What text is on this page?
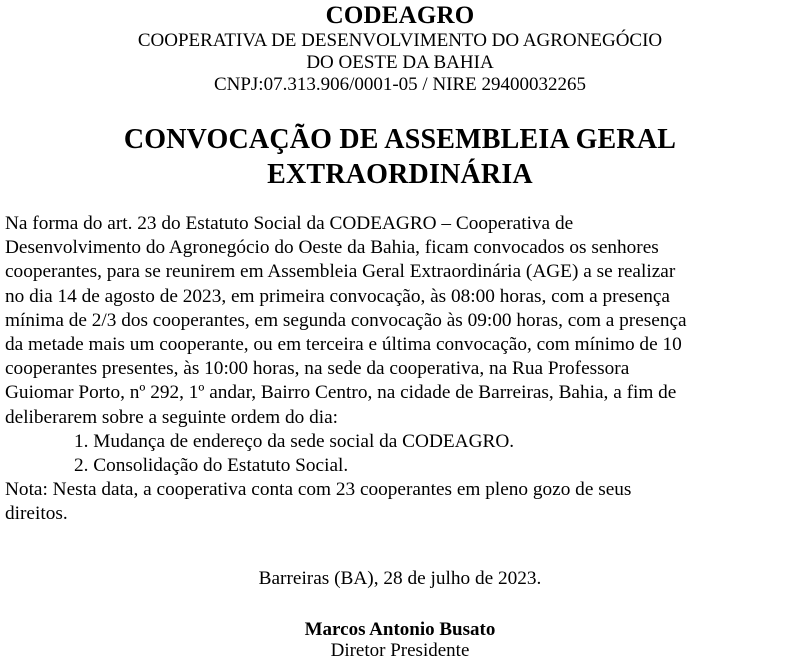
CODEAGRO
COOPERATIVA DE DESENVOLVIMENTO DO AGRONEGÓCIO
DO OESTE DA BAHIA
CNPJ:07.313.906/0001-05 / NIRE 29400032265
CONVOCAÇÃO DE ASSEMBLEIA GERAL
EXTRAORDINÁRIA
Na forma do art. 23 do Estatuto Social da CODEAGRO – Cooperativa de
Desenvolvimento do Agronegócio do Oeste da Bahia, ficam convocados os senhores
cooperantes, para se reunirem em Assembleia Geral Extraordinária (AGE) a se realizar
no dia 14 de agosto de 2023, em primeira convocação, às 08:00 horas, com a presença
mínima de 2/3 dos cooperantes, em segunda convocação às 09:00 horas, com a presença
da metade mais um cooperante, ou em terceira e última convocação, com mínimo de 10
cooperantes presentes, às 10:00 horas, na sede da cooperativa, na Rua Professora
Guiomar Porto, nº 292, 1º andar, Bairro Centro, na cidade de Barreiras, Bahia, a fim de
deliberarem sobre a seguinte ordem do dia:
1. Mudança de endereço da sede social da CODEAGRO.
2. Consolidação do Estatuto Social.
Nota: Nesta data, a cooperativa conta com 23 cooperantes em pleno gozo de seus
direitos.
Barreiras (BA), 28 de julho de 2023.
Marcos Antonio Busato
Diretor Presidente
